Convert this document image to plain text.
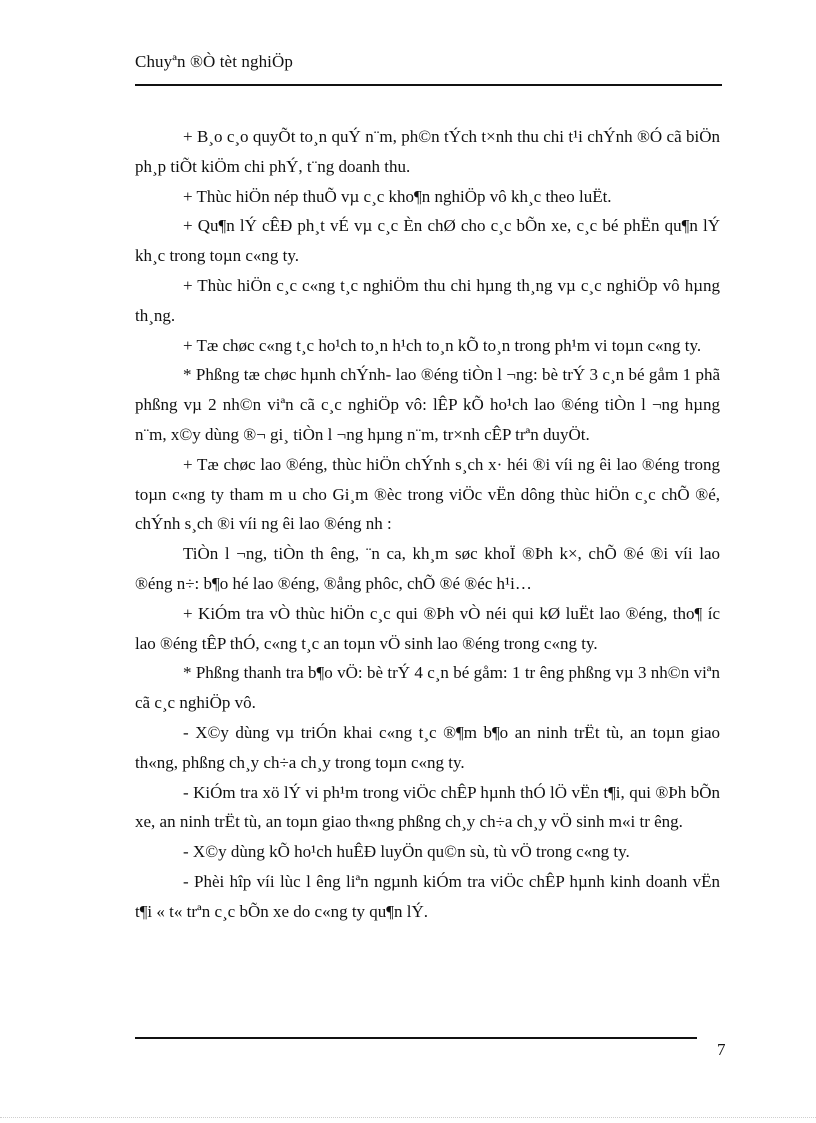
Chuyªn ®Ò tèt nghiÖp

+ B¸o c¸o quyÕt to¸n quÝ n¨m, ph©n tÝch t×nh thu chi t¹i chÝnh ®Ó cã biÖn ph¸p tiÕt kiÖm chi phÝ, t¨ng doanh thu.

+ Thùc hiÖn nép thuÕ vµ c¸c kho¶n nghiÖp vô kh¸c theo luËt.

+ Qu¶n lÝ cÊÐ ph¸t vÉ vµ c¸c Èn chØ cho c¸c bÕn xe, c¸c bé phËn qu¶n lÝ kh¸c trong toµn c«ng ty.

+ Thùc hiÖn c¸c c«ng t¸c nghiÖm thu chi hµng th¸ng vµ c¸c nghiÖp vô hµng th¸ng.

+ Tæ chøc c«ng t¸c ho¹ch to¸n h¹ch to¸n kÕ to¸n trong ph¹m vi toµn c«ng ty.

* Phßng tæ chøc hµnh chÝnh- lao ®éng tiÒn l ¬ng: bè trÝ 3 c¸n bé gåm 1 phã phßng vµ 2 nh©n viªn cã c¸c nghiÖp vô: lÊP kÕ ho¹ch lao ®éng tiÒn l ¬ng hµng n¨m, x©y dùng ®¬ gi¸ tiÒn l ¬ng hµng n¨m, tr×nh cÊP trªn duyÖt.

+ Tæ chøc lao ®éng, thùc hiÖn chÝnh s¸ch x· héi ®i víi ng êi lao ®éng trong toµn c«ng ty tham m u cho Gi¸m ®èc trong viÖc vËn dông thùc hiÖn c¸c chÕ ®é, chÝnh s¸ch ®i víi ng êi lao ®éng nh :

TiÒn l ¬ng, tiÒn th êng, ¨n ca, kh¸m søc khoÏ ®Þh k×, chÕ ®é ®i víi lao ®éng n÷: b¶o hé lao ®éng, ®ång phôc, chÕ ®é ®éc h¹i…

+ KiÓm tra vÒ thùc hiÖn c¸c qui ®Þh vÒ néi qui kØ luËt lao ®éng, tho¶ íc lao ®éng tÊP thÓ, c«ng t¸c an toµn vÖ sinh lao ®éng trong c«ng ty.

* Phßng thanh tra b¶o vÖ: bè trÝ 4 c¸n bé gåm: 1 tr êng phßng vµ 3 nh©n viªn cã c¸c nghiÖp vô.

- X©y dùng vµ triÓn khai c«ng t¸c ®¶m b¶o an ninh trËt tù, an toµn giao th«ng, phßng ch¸y ch÷a ch¸y trong toµn c«ng ty.

- KiÓm tra xö lÝ vi ph¹m trong viÖc chÊP hµnh thÓ lÖ vËn t¶i, qui ®Þh bÕn xe, an ninh trËt tù, an toµn giao th«ng phßng ch¸y ch÷a ch¸y vÖ sinh m«i tr êng.

- X©y dùng kÕ ho¹ch huÊÐ luyÖn qu©n sù, tù vÖ trong c«ng ty.

- Phèi hîp víi lùc l êng liªn ngµnh kiÓm tra viÖc chÊP hµnh kinh doanh vËn t¶i « t« trªn c¸c bÕn xe do c«ng ty qu¶n lÝ.

7
